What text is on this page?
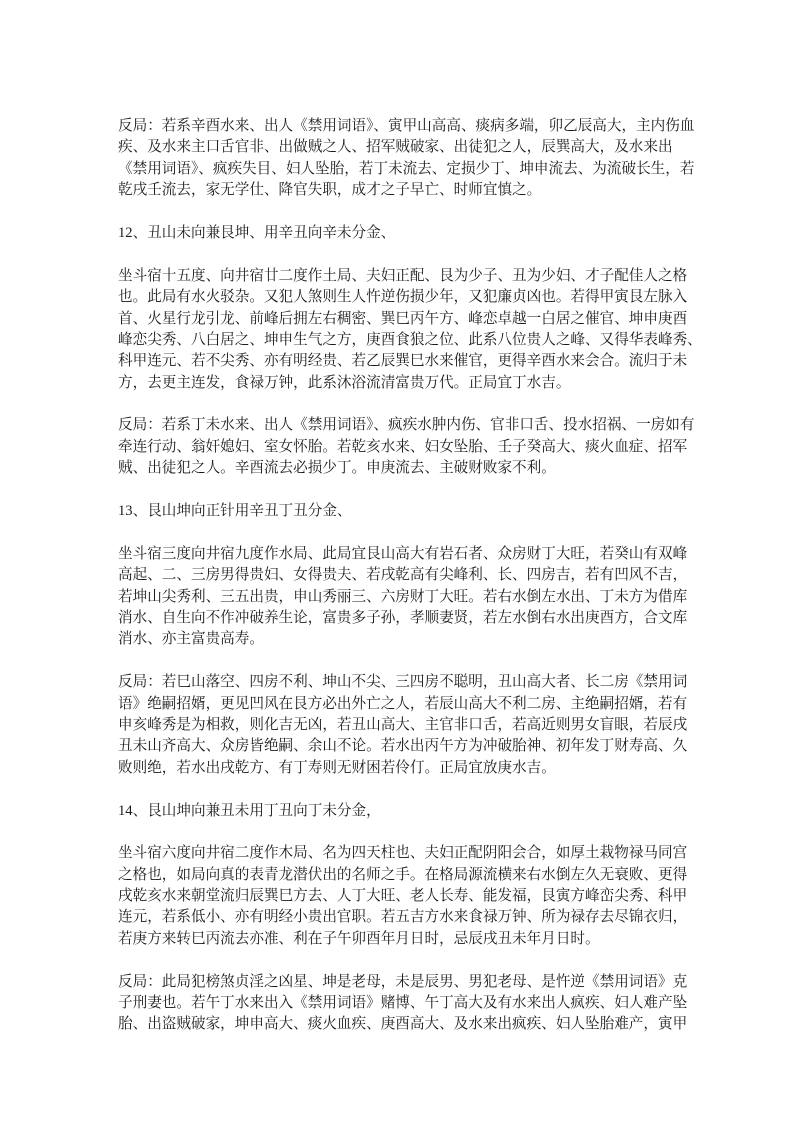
反局：若系辛酉水来、出人《禁用词语》、寅甲山高高、痰病多端，卯乙辰高大，主内伤血
疾、及水来主口舌官非、出做贼之人、招军贼破家、出徒犯之人，辰巽高大，及水来出
《禁用词语》、疯疾失目、妇人坠胎，若丁未流去、定损少丁、坤申流去、为流破长生，若
乾戌壬流去，家无学仕、降官失职，成才之子早亡、时师宜慎之。
12、丑山未向兼艮坤、用辛丑向辛未分金、
坐斗宿十五度、向井宿廿二度作土局、夫妇正配、艮为少子、丑为少妇、才子配佳人之格
也。此局有水火驳杂。又犯人煞则生人忤逆伤损少年，又犯廉贞凶也。若得甲寅艮左脉入
首、火星行龙引龙、前峰后拥左右稠密、巽巳丙午方、峰恋卓越一白居之催官、坤申庚酉
峰恋尖秀、八白居之、坤申生气之方，庚酉食狼之位、此系八位贵人之峰、又得华表峰秀、
科甲连元、若不尖秀、亦有明经贵、若乙辰巽巳水来催官，更得辛酉水来会合。流归于未
方，去更主连发，食禄万钟，此系沐浴流清富贵万代。正局宜丁水吉。
反局：若系丁未水来、出人《禁用词语》、疯疾水肿内伤、官非口舌、投水招祸、一房如有
牵连行动、翁奸媳妇、室女怀胎。若乾亥水来、妇女坠胎、壬子癸高大、痰火血症、招军
贼、出徒犯之人。辛酉流去必损少丁。申庚流去、主破财败家不利。
13、艮山坤向正针用辛丑丁丑分金、
坐斗宿三度向井宿九度作水局、此局宜艮山高大有岩石者、众房财丁大旺，若癸山有双峰
高起、二、三房男得贵妇、女得贵夫、若戌乾高有尖峰利、长、四房吉，若有凹风不吉，
若坤山尖秀利、三五出贵，申山秀丽三、六房财丁大旺。若右水倒左水出、丁未方为借库
消水、自生向不作冲破养生论，富贵多子孙，孝顺妻贤，若左水倒右水出庚酉方，合文库
消水、亦主富贵高寿。
反局：若巳山落空、四房不利、坤山不尖、三四房不聪明，丑山高大者、长二房《禁用词
语》绝嗣招婿，更见凹风在艮方必出外亡之人，若辰山高大不利二房、主绝嗣招婿，若有
申亥峰秀是为相救，则化吉无凶，若丑山高大、主官非口舌，若高近则男女盲眼，若辰戌
丑未山齐高大、众房皆绝嗣、余山不论。若水出丙午方为冲破胎神、初年发丁财寿高、久
败则绝，若水出戌乾方、有丁寿则无财困若伶仃。正局宜放庚水吉。
14、艮山坤向兼丑未用丁丑向丁未分金，
坐斗宿六度向井宿二度作木局、名为四天柱也、夫妇正配阴阳会合，如厚土栽物禄马同宫
之格也，如局向真的表青龙潜伏出的名师之手。在格局源流横来右水倒左久无衰败、更得
戌乾亥水来朝堂流归辰巽巳方去、人丁大旺、老人长寿、能发福，艮寅方峰峦尖秀、科甲
连元，若系低小、亦有明经小贵出官职。若五吉方水来食禄万钟、所为禄存去尽锦衣归，
若庚方来转巳丙流去亦准、利在子午卯酉年月日时，忌辰戌丑未年月日时。
反局：此局犯榜煞贞淫之凶星、坤是老母，未是辰男、男犯老母、是忤逆《禁用词语》克
子刑妻也。若午丁水来出入《禁用词语》赌博、午丁高大及有水来出人疯疾、妇人难产坠
胎、出盗贼破家，坤申高大、痰火血疾、庚酉高大、及水来出疯疾、妇人坠胎难产，寅甲
